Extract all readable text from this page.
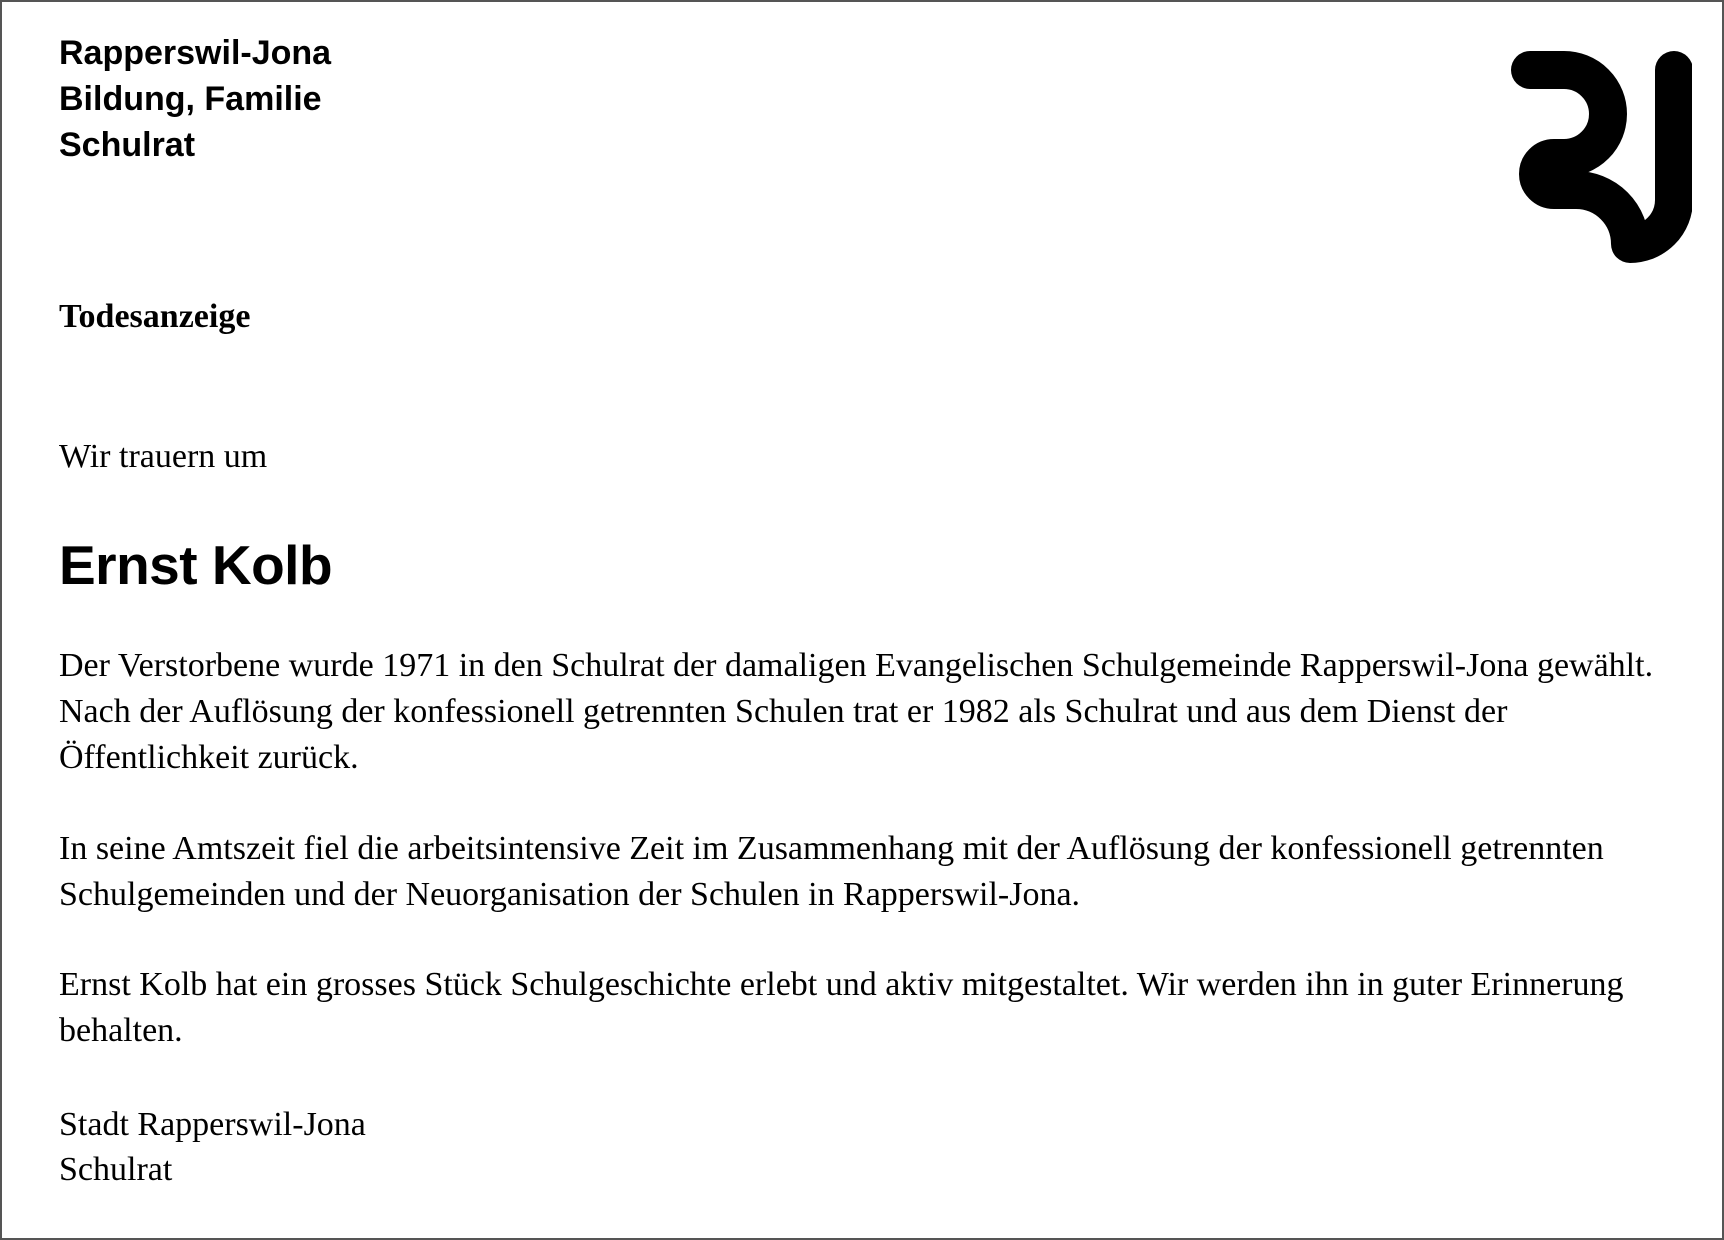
Rapperswil-Jona
Bildung, Familie
Schulrat
Todesanzeige
Wir trauern um
Ernst Kolb
Der Verstorbene wurde 1971 in den Schulrat der damaligen Evangelischen Schulgemeinde Rapperswil-Jona gewählt. Nach der Auflösung der konfessionell getrennten Schulen trat er 1982 als Schulrat und aus dem Dienst der Öffentlichkeit zurück.
In seine Amtszeit fiel die arbeitsintensive Zeit im Zusammenhang mit der Auflösung der konfessionell getrennten Schulgemeinden und der Neuorganisation der Schulen in Rapperswil-Jona.
Ernst Kolb hat ein grosses Stück Schulgeschichte erlebt und aktiv mitgestaltet. Wir werden ihn in guter Erinnerung behalten.
Stadt Rapperswil-Jona
Schulrat
